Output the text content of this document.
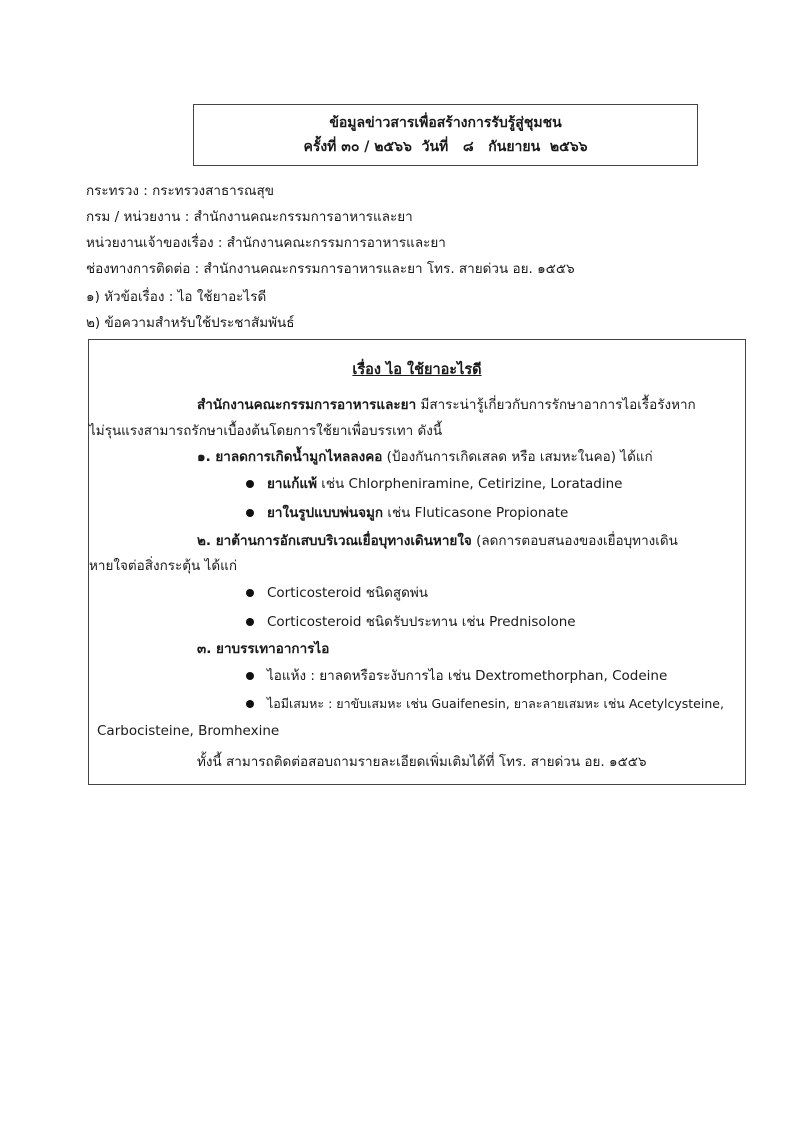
ข้อมูลข่าวสารเพื่อสร้างการรับรู้สู่ชุมชน
ครั้งที่ ๓๐ / ๒๕๖๖  วันที่   ๘   กันยายน  ๒๕๖๖
กระทรวง : กระทรวงสาธารณสุข
กรม / หน่วยงาน : สำนักงานคณะกรรมการอาหารและยา
หน่วยงานเจ้าของเรื่อง : สำนักงานคณะกรรมการอาหารและยา
ช่องทางการติดต่อ : สำนักงานคณะกรรมการอาหารและยา โทร. สายด่วน อย. ๑๕๕๖
๑) หัวข้อเรื่อง : ไอ ใช้ยาอะไรดี
๒) ข้อความสำหรับใช้ประชาสัมพันธ์
เรื่อง ไอ ใช้ยาอะไรดี
สำนักงานคณะกรรมการอาหารและยา มีสาระน่ารู้เกี่ยวกับการรักษาอาการไอเรื้อรังหาก
ไม่รุนแรงสามารถรักษาเบื้องต้นโดยการใช้ยาเพื่อบรรเทา ดังนี้
๑. ยาลดการเกิดน้ำมูกไหลลงคอ (ป้องกันการเกิดเสลด หรือ เสมหะในคอ) ได้แก่
ยาแก้แพ้ เช่น Chlorpheniramine, Cetirizine, Loratadine
ยาในรูปแบบพ่นจมูก เช่น Fluticasone Propionate
๒. ยาต้านการอักเสบบริเวณเยื่อบุทางเดินหายใจ (ลดการตอบสนองของเยื่อบุทางเดิน
หายใจต่อสิ่งกระตุ้น ได้แก่
Corticosteroid ชนิดสูดพ่น
Corticosteroid ชนิดรับประทาน เช่น Prednisolone
๓. ยาบรรเทาอาการไอ
ไอแห้ง : ยาลดหรือระงับการไอ เช่น Dextromethorphan, Codeine
ไอมีเสมหะ : ยาขับเสมหะ เช่น Guaifenesin, ยาละลายเสมหะ เช่น Acetylcysteine,
Carbocisteine, Bromhexine
ทั้งนี้ สามารถติดต่อสอบถามรายละเอียดเพิ่มเติมได้ที่ โทร. สายด่วน อย. ๑๕๕๖
